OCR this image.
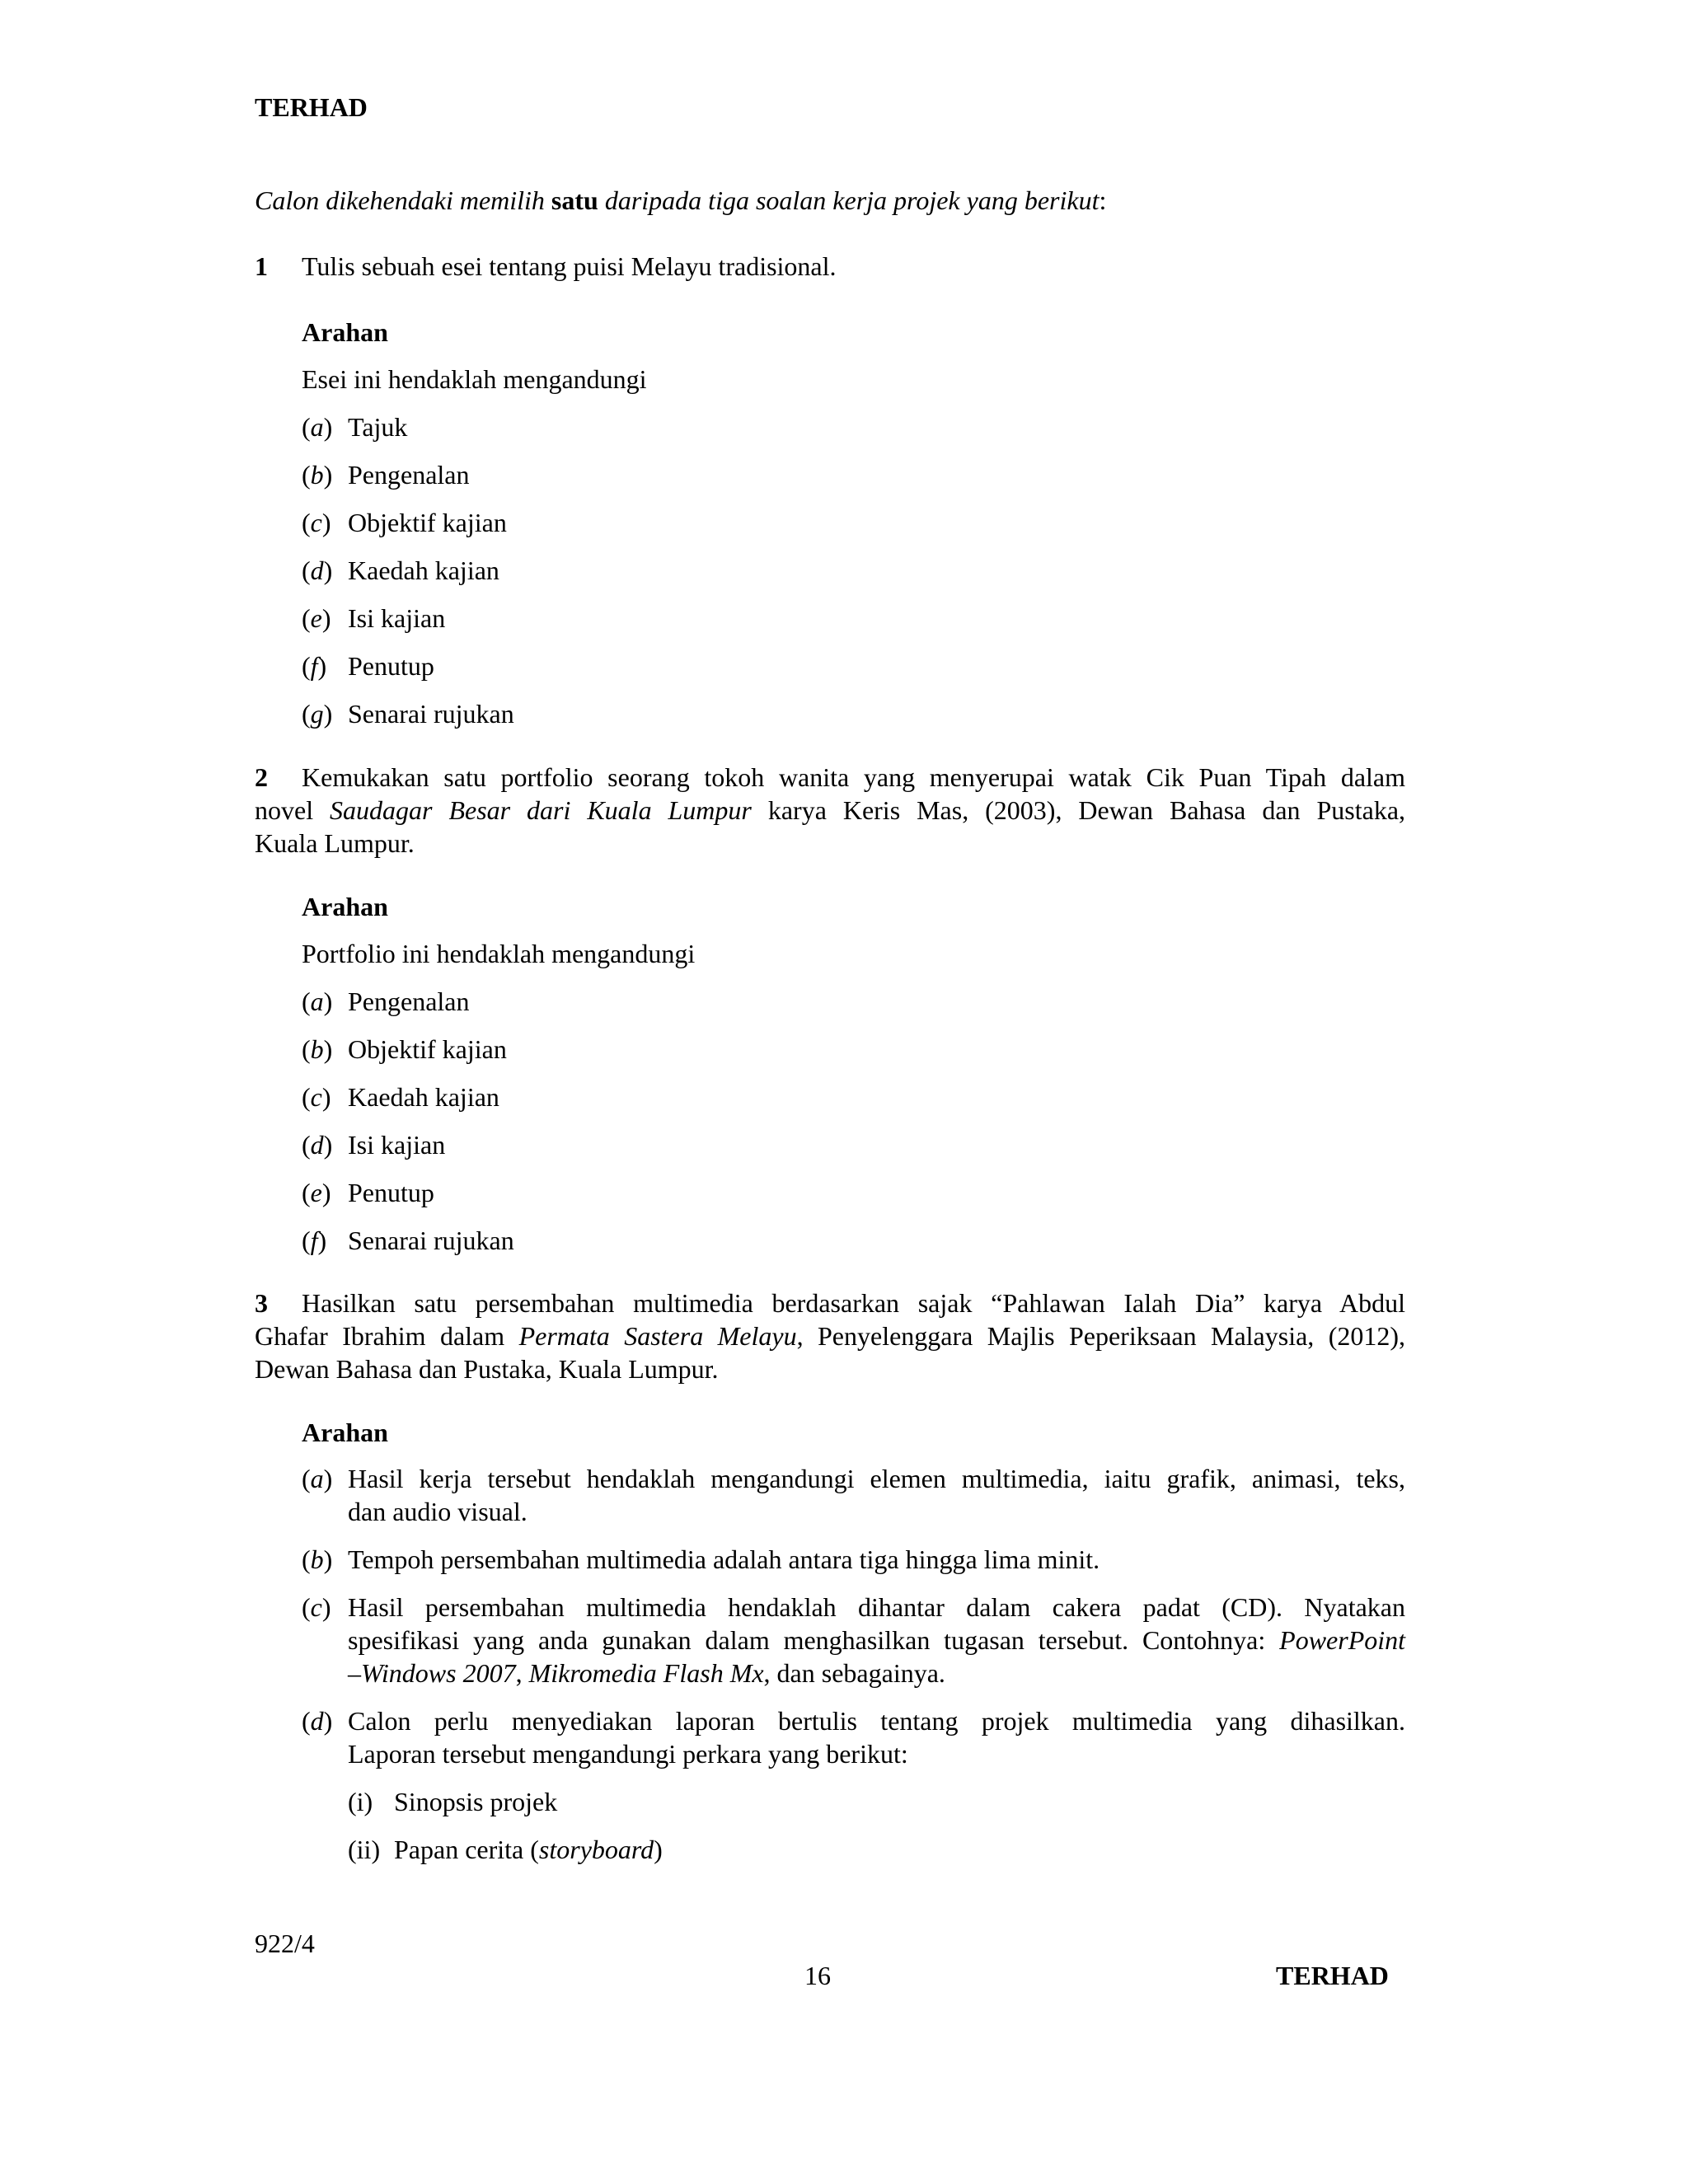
TERHAD
Calon dikehendaki memilih satu daripada tiga soalan kerja projek yang berikut:
1 Tulis sebuah esei tentang puisi Melayu tradisional.
Arahan
Esei ini hendaklah mengandungi
(a) Tajuk
(b) Pengenalan
(c) Objektif kajian
(d) Kaedah kajian
(e) Isi kajian
(f) Penutup
(g) Senarai rujukan
2 Kemukakan satu portfolio seorang tokoh wanita yang menyerupai watak Cik Puan Tipah dalam
novel Saudagar Besar dari Kuala Lumpur karya Keris Mas, (2003), Dewan Bahasa dan Pustaka,
Kuala Lumpur.
Arahan
Portfolio ini hendaklah mengandungi
(a) Pengenalan
(b) Objektif kajian
(c) Kaedah kajian
(d) Isi kajian
(e) Penutup
(f) Senarai rujukan
3 Hasilkan satu persembahan multimedia berdasarkan sajak “Pahlawan Ialah Dia” karya Abdul
Ghafar Ibrahim dalam Permata Sastera Melayu, Penyelenggara Majlis Peperiksaan Malaysia, (2012),
Dewan Bahasa dan Pustaka, Kuala Lumpur.
Arahan
(a) Hasil kerja tersebut hendaklah mengandungi elemen multimedia, iaitu grafik, animasi, teks,
dan audio visual.
(b) Tempoh persembahan multimedia adalah antara tiga hingga lima minit.
(c) Hasil persembahan multimedia hendaklah dihantar dalam cakera padat (CD). Nyatakan
spesifikasi yang anda gunakan dalam menghasilkan tugasan tersebut. Contohnya: PowerPoint
–Windows 2007, Mikromedia Flash Mx, dan sebagainya.
(d) Calon perlu menyediakan laporan bertulis tentang projek multimedia yang dihasilkan.
Laporan tersebut mengandungi perkara yang berikut:
(i) Sinopsis projek
(ii) Papan cerita (storyboard)
922/4
16	TERHAD
